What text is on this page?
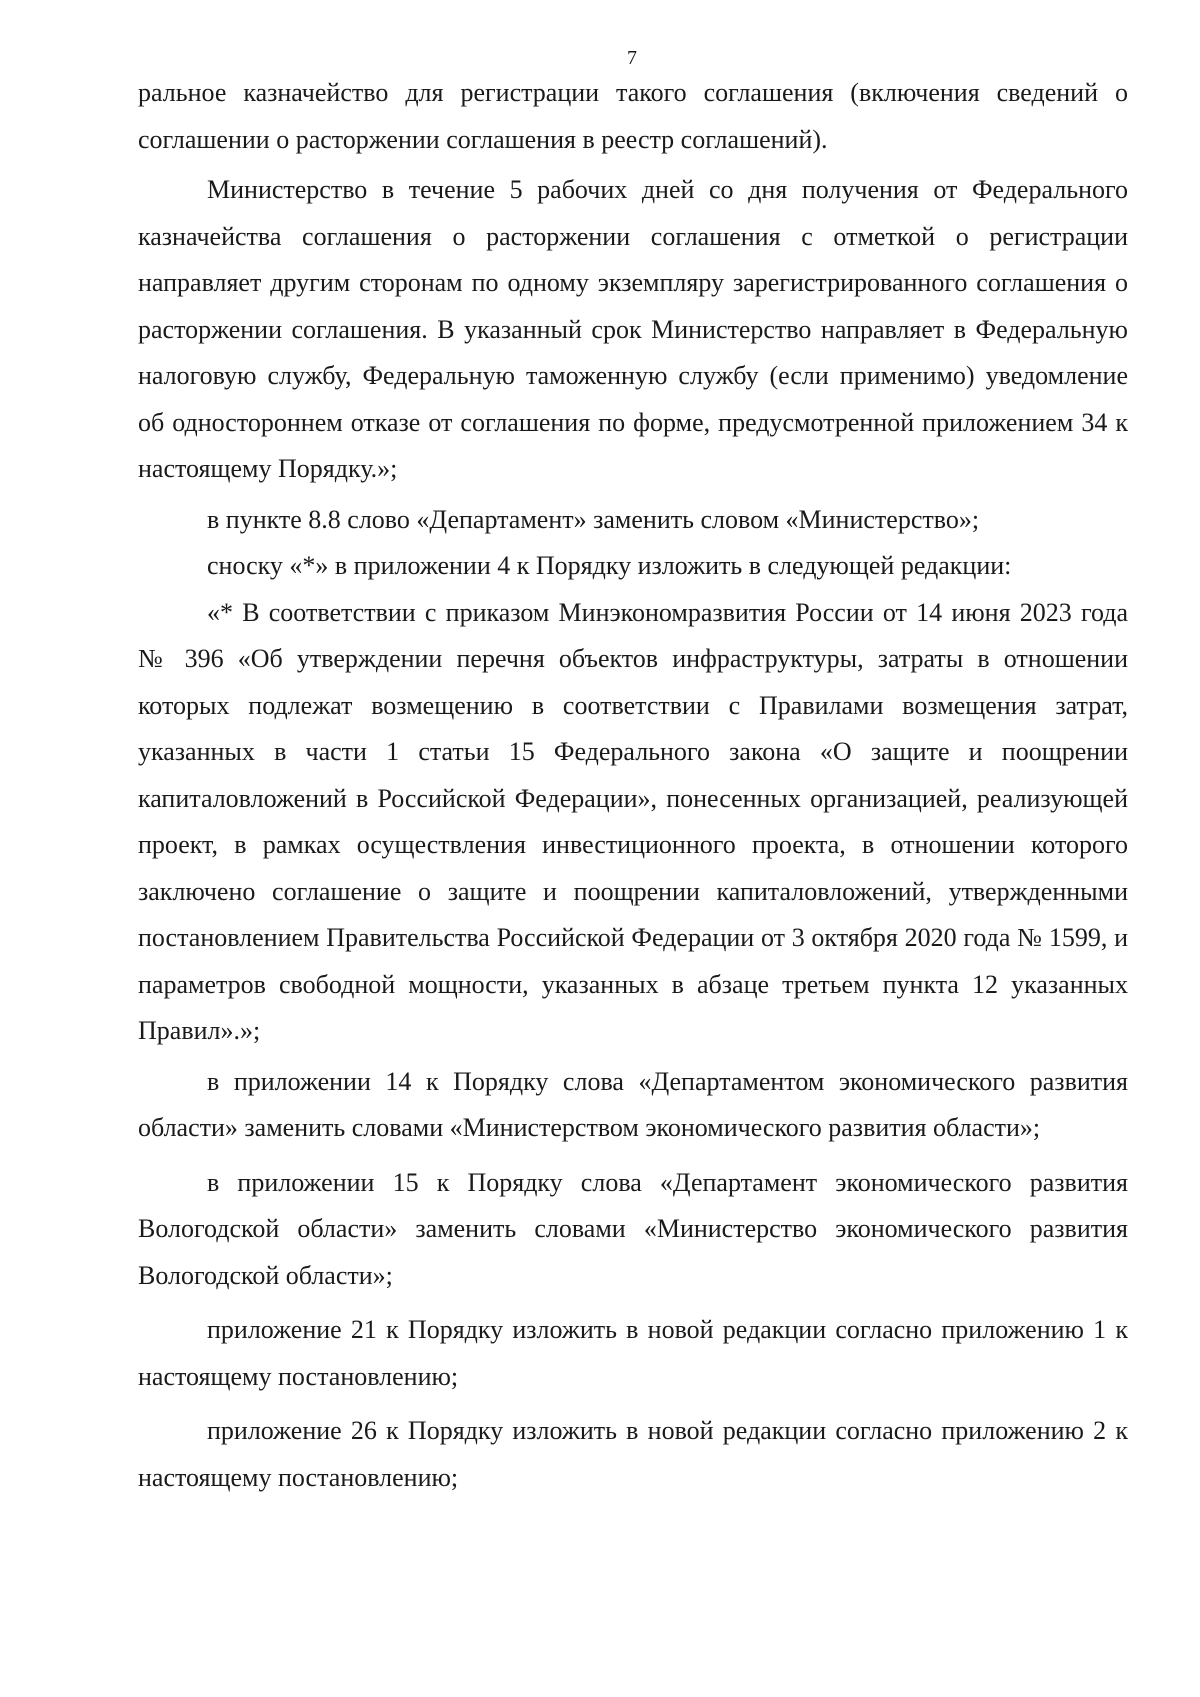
7

ральное казначейство для регистрации такого соглашения (включения сведений о соглашении о расторжении соглашения в реестр соглашений).

Министерство в течение 5 рабочих дней со дня получения от Федерального казначейства соглашения о расторжении соглашения с отметкой о регистрации направляет другим сторонам по одному экземпляру зарегистрированного соглашения о расторжении соглашения. В указанный срок Министерство направляет в Федеральную налоговую службу, Федеральную таможенную службу (если применимо) уведомление об одностороннем отказе от соглашения по форме, предусмотренной приложением 34 к настоящему Порядку.»;

в пункте 8.8 слово «Департамент» заменить словом «Министерство»;

сноску «*» в приложении 4 к Порядку изложить в следующей редакции:

«* В соответствии с приказом Минэкономразвития России от 14 июня 2023 года № 396 «Об утверждении перечня объектов инфраструктуры, затраты в отношении которых подлежат возмещению в соответствии с Правилами возмещения затрат, указанных в части 1 статьи 15 Федерального закона «О защите и поощрении капиталовложений в Российской Федерации», понесенных организацией, реализующей проект, в рамках осуществления инвестиционного проекта, в отношении которого заключено соглашение о защите и поощрении капиталовложений, утвержденными постановлением Правительства Российской Федерации от 3 октября 2020 года № 1599, и параметров свободной мощности, указанных в абзаце третьем пункта 12 указанных Правил».»;

в приложении 14 к Порядку слова «Департаментом экономического развития области» заменить словами «Министерством экономического развития области»;

в приложении 15 к Порядку слова «Департамент экономического развития Вологодской области» заменить словами «Министерство экономического развития Вологодской области»;

приложение 21 к Порядку изложить в новой редакции согласно приложению 1 к настоящему постановлению;

приложение 26 к Порядку изложить в новой редакции согласно приложению 2 к настоящему постановлению;
